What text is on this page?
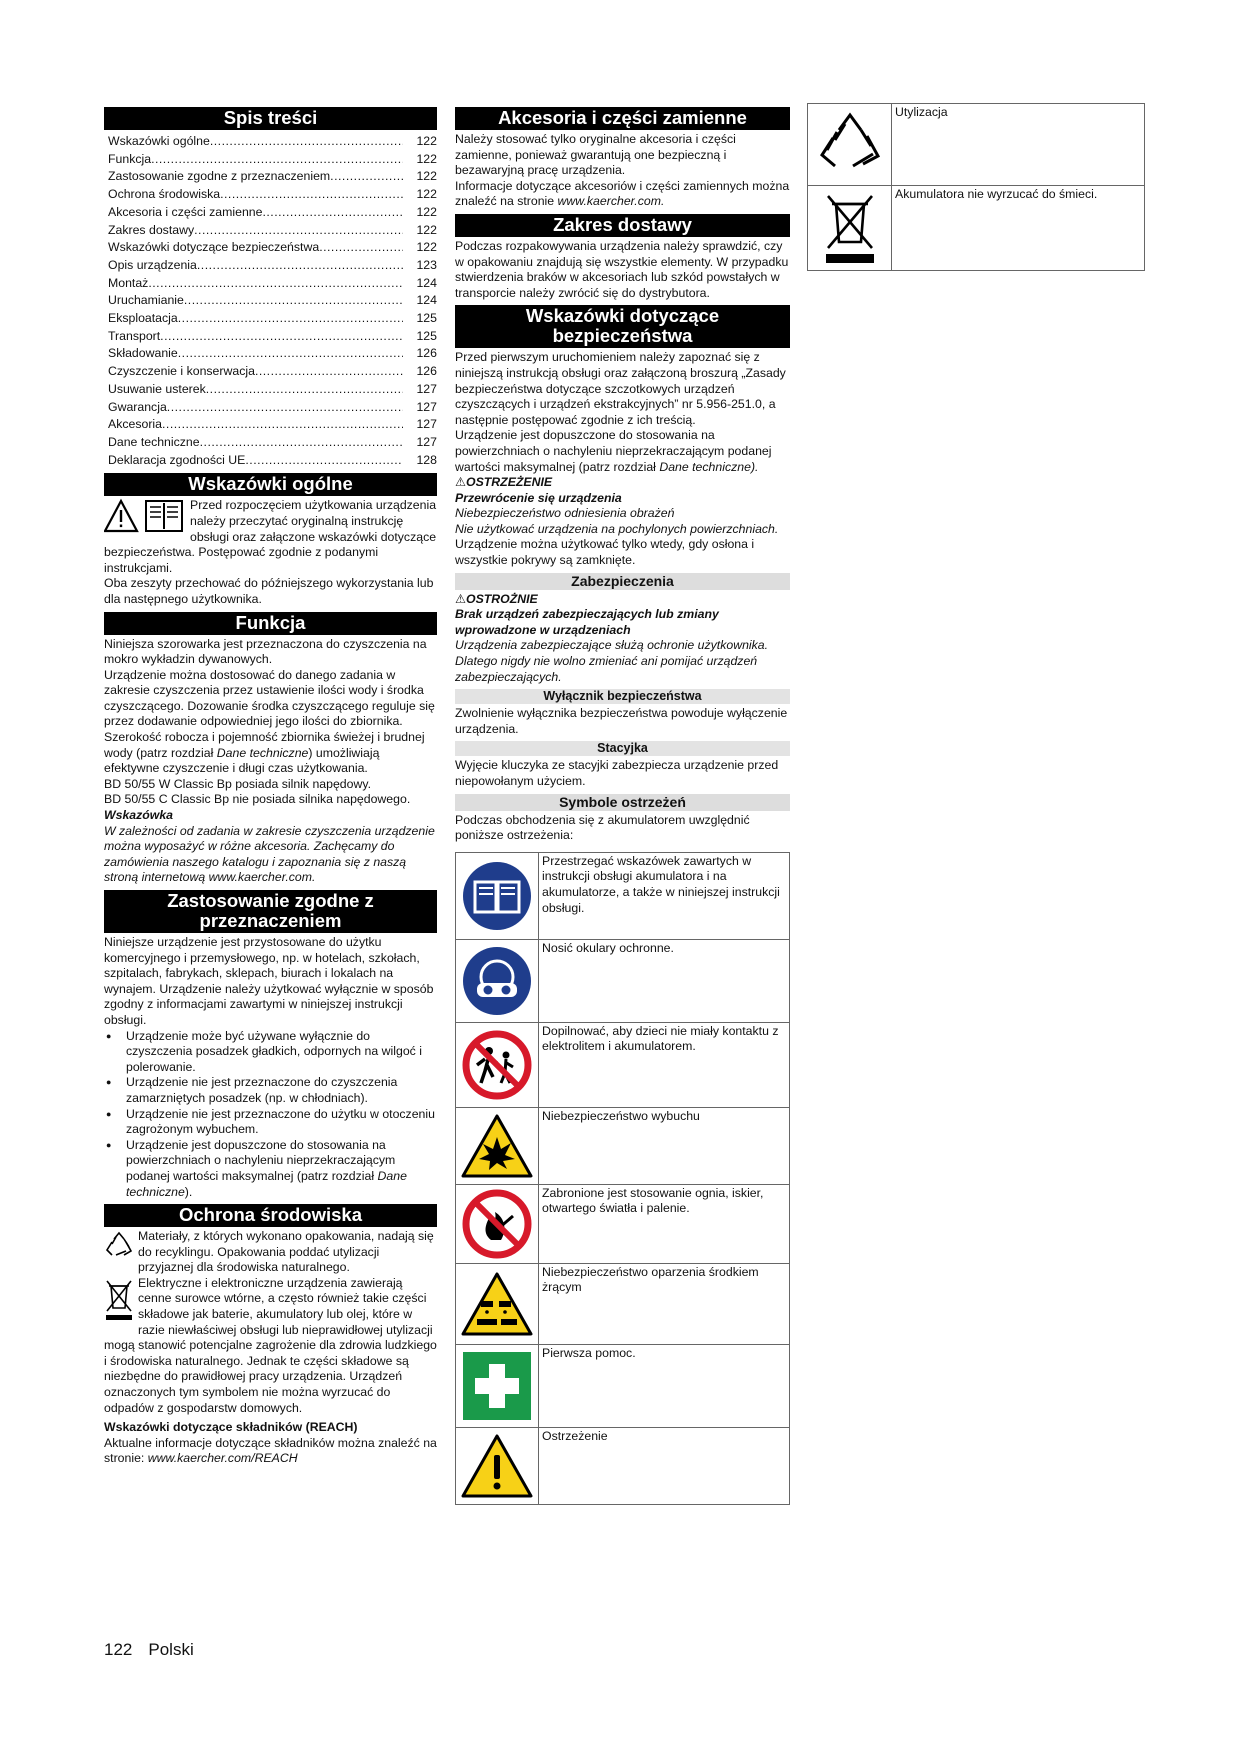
Spis treści
Wskazówki ogólne .....	122
Funkcja .....	122
Zastosowanie zgodne z przeznaczeniem .....	122
Ochrona środowiska .....	122
Akcesoria i części zamienne .....	122
Zakres dostawy .....	122
Wskazówki dotyczące bezpieczeństwa .....	122
Opis urządzenia .....	123
Montaż .....	124
Uruchamianie .....	124
Eksploatacja .....	125
Transport .....	125
Składowanie .....	126
Czyszczenie i konserwacja .....	126
Usuwanie usterek .....	127
Gwarancja .....	127
Akcesoria .....	127
Dane techniczne .....	127
Deklaracja zgodności UE .....	128
Wskazówki ogólne

Przed rozpoczęciem użytkowania urządzenia należy przeczytać oryginalną instrukcję obsługi oraz załączone wskazówki dotyczące bezpieczeństwa. Postępować zgodnie z podanymi instrukcjami.

Oba zeszyty przechować do późniejszego wykorzystania lub dla następnego użytkownika.

Funkcja

Niniejsza szorowarka jest przeznaczona do czyszczenia na mokro wykładzin dywanowych.

Urządzenie można dostosować do danego zadania w zakresie czyszczenia przez ustawienie ilości wody i środka czyszczącego. Dozowanie środka czyszczącego reguluje się przez dodawanie odpowiedniej jego ilości do zbiornika.

Szerokość robocza i pojemność zbiornika świeżej i brudnej wody (patrz rozdział Dane techniczne) umożliwiają efektywne czyszczenie i długi czas użytkowania.

BD 50/55 W Classic Bp posiada silnik napędowy.

BD 50/55 C Classic Bp nie posiada silnika napędowego.

Wskazówka

W zależności od zadania w zakresie czyszczenia urządzenie można wyposażyć w różne akcesoria. Zachęcamy do zamówienia naszego katalogu i zapoznania się z naszą stroną internetową www.kaercher.com.

Zastosowanie zgodne z przeznaczeniem

Niniejsze urządzenie jest przystosowane do użytku komercyjnego i przemysłowego, np. w hotelach, szkołach, szpitalach, fabrykach, sklepach, biurach i lokalach na wynajem. Urządzenie należy użytkować wyłącznie w sposób zgodny z informacjami zawartymi w niniejszej instrukcji obsługi.

● Urządzenie może być używane wyłącznie do czyszczenia posadzek gładkich, odpornych na wilgoć i polerowanie.
● Urządzenie nie jest przeznaczone do czyszczenia zamarzniętych posadzek (np. w chłodniach).
● Urządzenie nie jest przeznaczone do użytku w otoczeniu zagrożonym wybuchem.
● Urządzenie jest dopuszczone do stosowania na powierzchniach o nachyleniu nieprzekraczającym podanej wartości maksymalnej (patrz rozdział Dane techniczne).
Ochrona środowiska

Materiały, z których wykonano opakowania, nadają się do recyklingu. Opakowania poddać utylizacji przyjaznej dla środowiska naturalnego.

Elektryczne i elektroniczne urządzenia zawierają cenne surowce wtórne, a często również takie części składowe jak baterie, akumulatory lub olej, które w razie niewłaściwej obsługi lub nieprawidłowej utylizacji mogą stanowić potencjalne zagrożenie dla zdrowia ludzkiego i środowiska naturalnego. Jednak te części składowe są niezbędne do prawidłowej pracy urządzenia. Urządzeń oznaczonych tym symbolem nie można wyrzucać do odpadów z gospodarstw domowych.

Wskazówki dotyczące składników (REACH)

Aktualne informacje dotyczące składników można znaleźć na stronie: www.kaercher.com/REACH

Akcesoria i części zamienne

Należy stosować tylko oryginalne akcesoria i części zamienne, ponieważ gwarantują one bezpieczną i bezawaryjną pracę urządzenia.

Informacje dotyczące akcesoriów i części zamiennych można znaleźć na stronie www.kaercher.com.

Zakres dostawy

Podczas rozpakowywania urządzenia należy sprawdzić, czy w opakowaniu znajdują się wszystkie elementy. W przypadku stwierdzenia braków w akcesoriach lub szkód powstałych w transporcie należy zwrócić się do dystrybutora.

Wskazówki dotyczące bezpieczeństwa

Przed pierwszym uruchomieniem należy zapoznać się z niniejszą instrukcją obsługi oraz załączoną broszurą „Zasady bezpieczeństwa dotyczące szczotkowych urządzeń czyszczących i urządzeń ekstrakcyjnych” nr 5.956-251.0, a następnie postępować zgodnie z ich treścią.

Urządzenie jest dopuszczone do stosowania na powierzchniach o nachyleniu nieprzekraczającym podanej wartości maksymalnej (patrz rozdział Dane techniczne).

⚠OSTRZEŻENIE

Przewrócenie się urządzenia

Niebezpieczeństwo odniesienia obrażeń

Nie użytkować urządzenia na pochylonych powierzchniach.

Urządzenie można użytkować tylko wtedy, gdy osłona i wszystkie pokrywy są zamknięte.

Zabezpieczenia

⚠OSTROŻNIE

Brak urządzeń zabezpieczających lub zmiany wprowadzone w urządzeniach

Urządzenia zabezpieczające służą ochronie użytkownika.

Dlatego nigdy nie wolno zmieniać ani pomijać urządzeń zabezpieczających.

Wyłącznik bezpieczeństwa

Zwolnienie wyłącznika bezpieczeństwa powoduje wyłączenie urządzenia.

Stacyjka

Wyjęcie kluczyka ze stacyjki zabezpiecza urządzenie przed niepowołanym użyciem.

Symbole ostrzeżeń

Podczas obchodzenia się z akumulatorem uwzględnić poniższe ostrzeżenia:

Przestrzegać wskazówek zawartych w instrukcji obsługi akumulatora i na akumulatorze, a także w niniejszej instrukcji obsługi.
Nosić okulary ochronne.
Dopilnować, aby dzieci nie miały kontaktu z elektrolitem i akumulatorem.
Niebezpieczeństwo wybuchu
Zabronione jest stosowanie ognia, iskier, otwartego światła i palenie.
Niebezpieczeństwo oparzenia środkiem żrącym
Pierwsza pomoc.
Ostrzeżenie
Utylizacja
Akumulatora nie wyrzucać do śmieci.
122 Polski
